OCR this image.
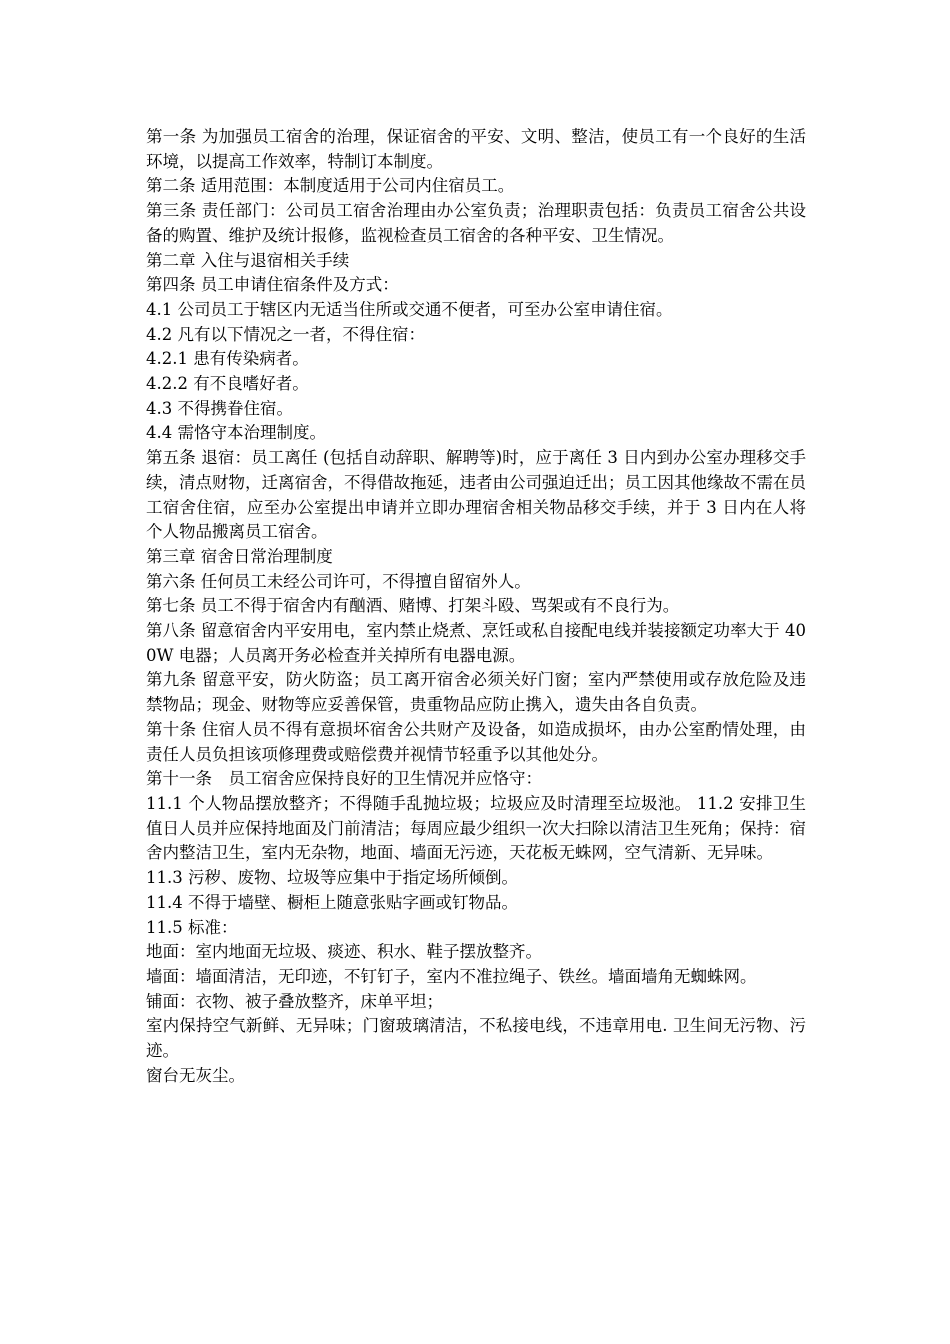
第一条 为加强员工宿舍的治理，保证宿舍的平安、文明、整洁，使员工有一个良好的生活环境，以提高工作效率，特制订本制度。

第二条 适用范围：本制度适用于公司内住宿员工。

第三条 责任部门：公司员工宿舍治理由办公室负责；治理职责包括：负责员工宿舍公共设备的购置、维护及统计报修，监视检查员工宿舍的各种平安、卫生情况。

第二章 入住与退宿相关手续

第四条 员工申请住宿条件及方式：

4.1 公司员工于辖区内无适当住所或交通不便者，可至办公室申请住宿。

4.2 凡有以下情况之一者，不得住宿：

4.2.1 患有传染病者。

4.2.2 有不良嗜好者。

4.3 不得携眷住宿。

4.4 需恪守本治理制度。

第五条 退宿：员工离任 (包括自动辞职、解聘等)时，应于离任 3 日内到办公室办理移交手续，清点财物，迁离宿舍，不得借故拖延，违者由公司强迫迁出；员工因其他缘故不需在员工宿舍住宿，应至办公室提出申请并立即办理宿舍相关物品移交手续，并于 3 日内在人将个人物品搬离员工宿舍。

第三章 宿舍日常治理制度

第六条 任何员工未经公司许可，不得擅自留宿外人。

第七条 员工不得于宿舍内有酗酒、赌博、打架斗殴、骂架或有不良行为。

第八条 留意宿舍内平安用电，室内禁止烧煮、烹饪或私自接配电线并装接额定功率大于 400W 电器；人员离开务必检查并关掉所有电器电源。

第九条 留意平安，防火防盗；员工离开宿舍必须关好门窗；室内严禁使用或存放危险及违禁物品；现金、财物等应妥善保管，贵重物品应防止携入，遗失由各自负责。

第十条 住宿人员不得有意损坏宿舍公共财产及设备，如造成损坏，由办公室酌情处理，由责任人员负担该项修理费或赔偿费并视情节轻重予以其他处分。

第十一条　员工宿舍应保持良好的卫生情况并应恪守：

11.1 个人物品摆放整齐；不得随手乱抛垃圾；垃圾应及时清理至垃圾池。 11.2 安排卫生值日人员并应保持地面及门前清洁；每周应最少组织一次大扫除以清洁卫生死角；保持：宿舍内整洁卫生，室内无杂物，地面、墙面无污迹，天花板无蛛网，空气清新、无异味。

11.3 污秽、废物、垃圾等应集中于指定场所倾倒。

11.4 不得于墙壁、橱柜上随意张贴字画或钉物品。

11.5 标准：

地面：室内地面无垃圾、痰迹、积水、鞋子摆放整齐。

墙面：墙面清洁，无印迹，不钉钉子，室内不准拉绳子、铁丝。墙面墙角无蜘蛛网。

铺面：衣物、被子叠放整齐，床单平坦；

室内保持空气新鲜、无异味；门窗玻璃清洁，不私接电线，不违章用电. 卫生间无污物、污迹。

窗台无灰尘。
